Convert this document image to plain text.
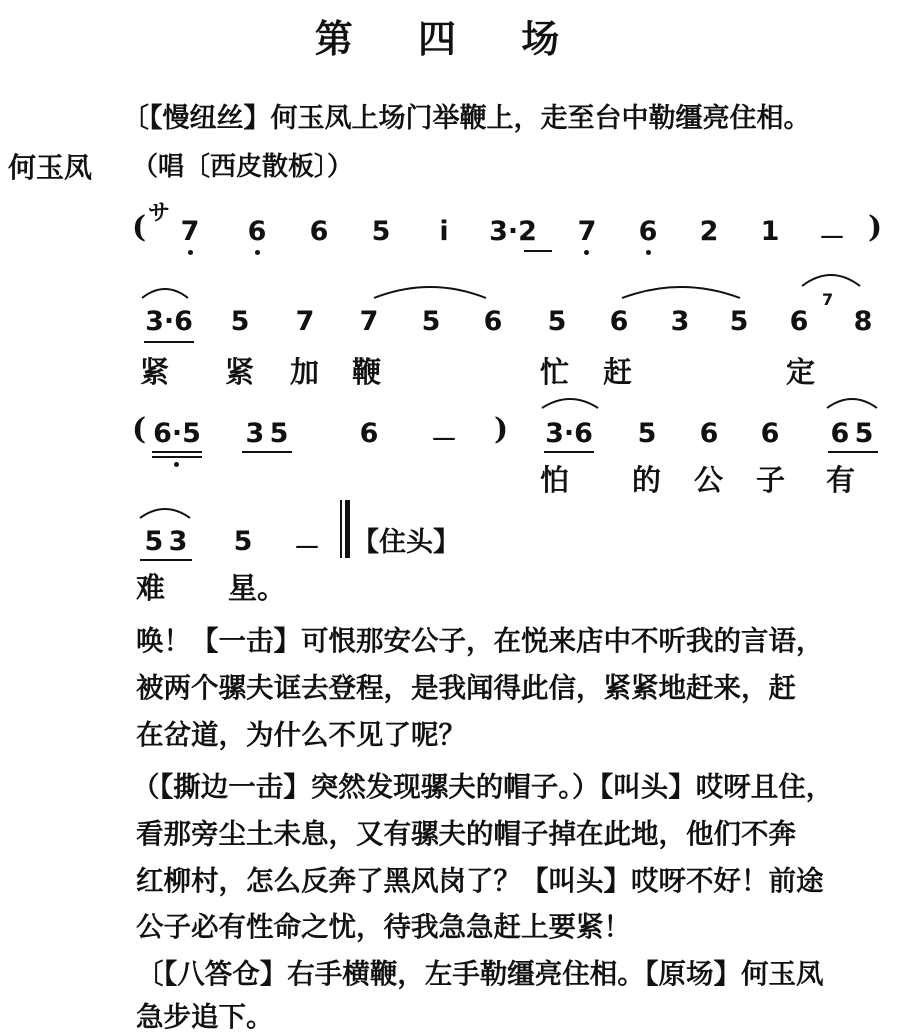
第 四 场
〔【慢纽丝】何玉凤上场门举鞭上，走至台中勒缰亮住相。
何玉凤 （唱〔西皮散板〕）
( サ
7 6 6 5	i	3·2	7 6 2 1 － )
3·6 5 7 7 5 6 5 6 3 5 6
7
8
紧 紧 加 鞭	忙 赶	定
( 6·5 3 5	6 － ) 3·6 5 6 6 6 5
怕 的 公 子 有
5 3 5 － 【住头】
难 星。
唤！【一击】可恨那安公子，在悦来店中不听我的言语，
被两个骡夫诓去登程，是我闻得此信，紧紧地赶来，赶
在岔道，为什么不见了呢？
（【撕边一击】突然发现骡夫的帽子。）【叫头】哎呀且住，
看那旁尘土未息，又有骡夫的帽子掉在此地，他们不奔
红柳村，怎么反奔了黑风岗了？【叫头】哎呀不好！前途
公子必有性命之忧，待我急急赶上要紧！
〔【八答仓】右手横鞭，左手勒缰亮住相。【原场】何玉凤
急步追下。
